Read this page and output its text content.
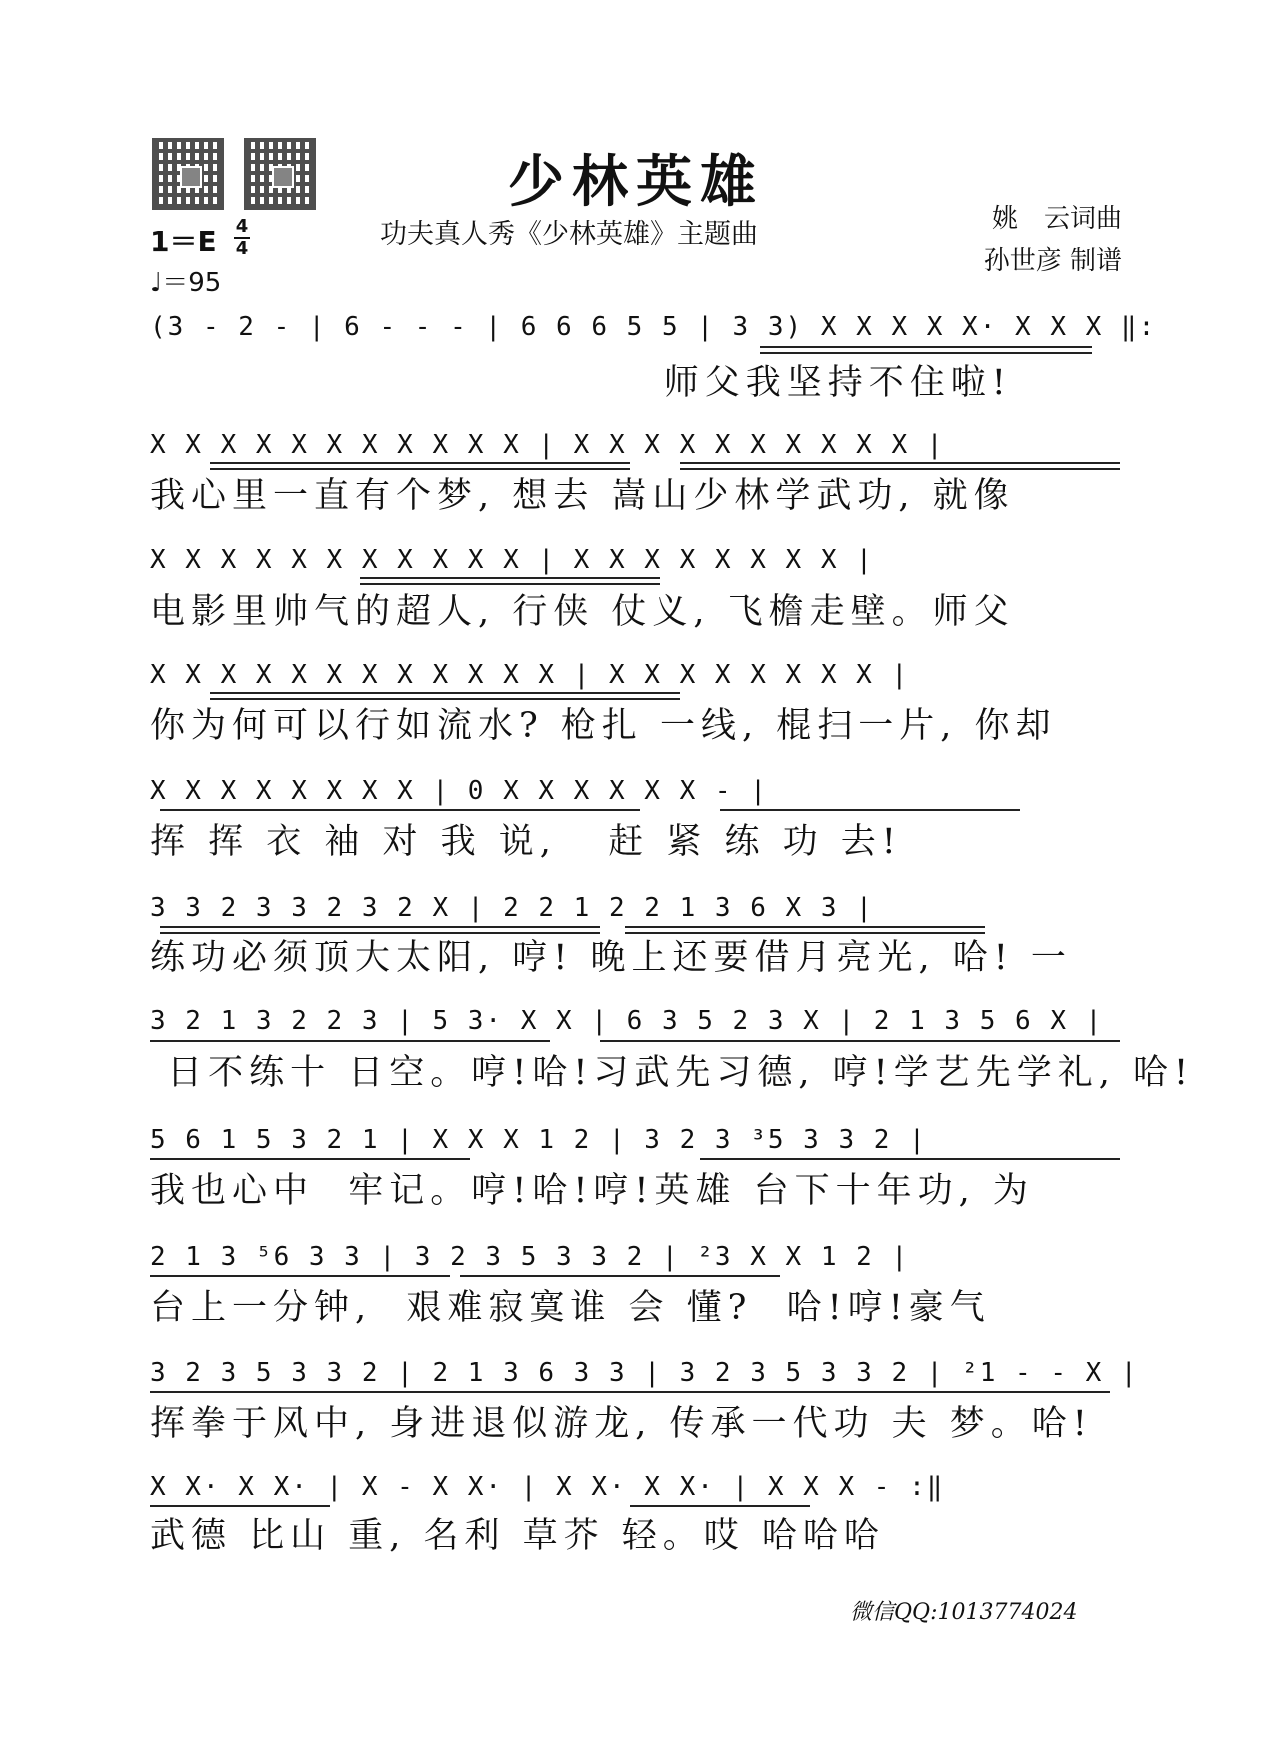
少林英雄
功夫真人秀《少林英雄》主题曲	姚　云词曲
孙世彦 制谱
1＝E 4
4
♩＝95
(3 - 2 - | 6 - - - | 6 6 6 5 5 | 3 3) X X X X X· X X X ‖:
师父我坚持不住啦!
X X X X X X X X X X X | X X X X X X X X X X |
我心里一直有个梦, 想去 嵩山少林学武功, 就像
X X X X X X X X X X X | X X X X X X X X |
电影里帅气的超人, 行侠 仗义, 飞檐走壁。师父
X X X X X X X X X X X X | X X X X X X X X |
你为何可以行如流水? 枪扎 一线, 棍扫一片, 你却
X X X X X X X X | 0 X X X X X X - |
挥 挥 衣 袖 对 我 说,   赶 紧 练 功 去!
3 3 2 3 3 2 3 2 X | 2 2 1 2 2 1 3 6 X 3 |
练功必须顶大太阳, 哼! 晚上还要借月亮光, 哈! 一
3 2 1 3 2 2 3 | 5 3· X X | 6 3 5 2 3 X | 2 1 3 5 6 X |
日不练十 日空。哼!哈!习武先习德, 哼!学艺先学礼, 哈!
5 6 1 5 3 2 1 | X X X 1 2 | 3 2 3 ³5 3 3 2 |
我也心中  牢记。哼!哈!哼!英雄 台下十年功, 为
2 1 3 ⁵6 3 3 | 3 2 3 5 3 3 2 | ²3 X X 1 2 |
台上一分钟,  艰难寂寞谁 会 懂?  哈!哼!豪气
3 2 3 5 3 3 2 | 2 1 3 6 3 3 | 3 2 3 5 3 3 2 | ²1 - - X |
挥拳于风中, 身进退似游龙, 传承一代功 夫 梦。哈!
X X· X X· | X - X X· | X X· X X· | X X X - :‖
武德 比山 重, 名利 草芥 轻。哎 哈哈哈
微信QQ:1013774024
